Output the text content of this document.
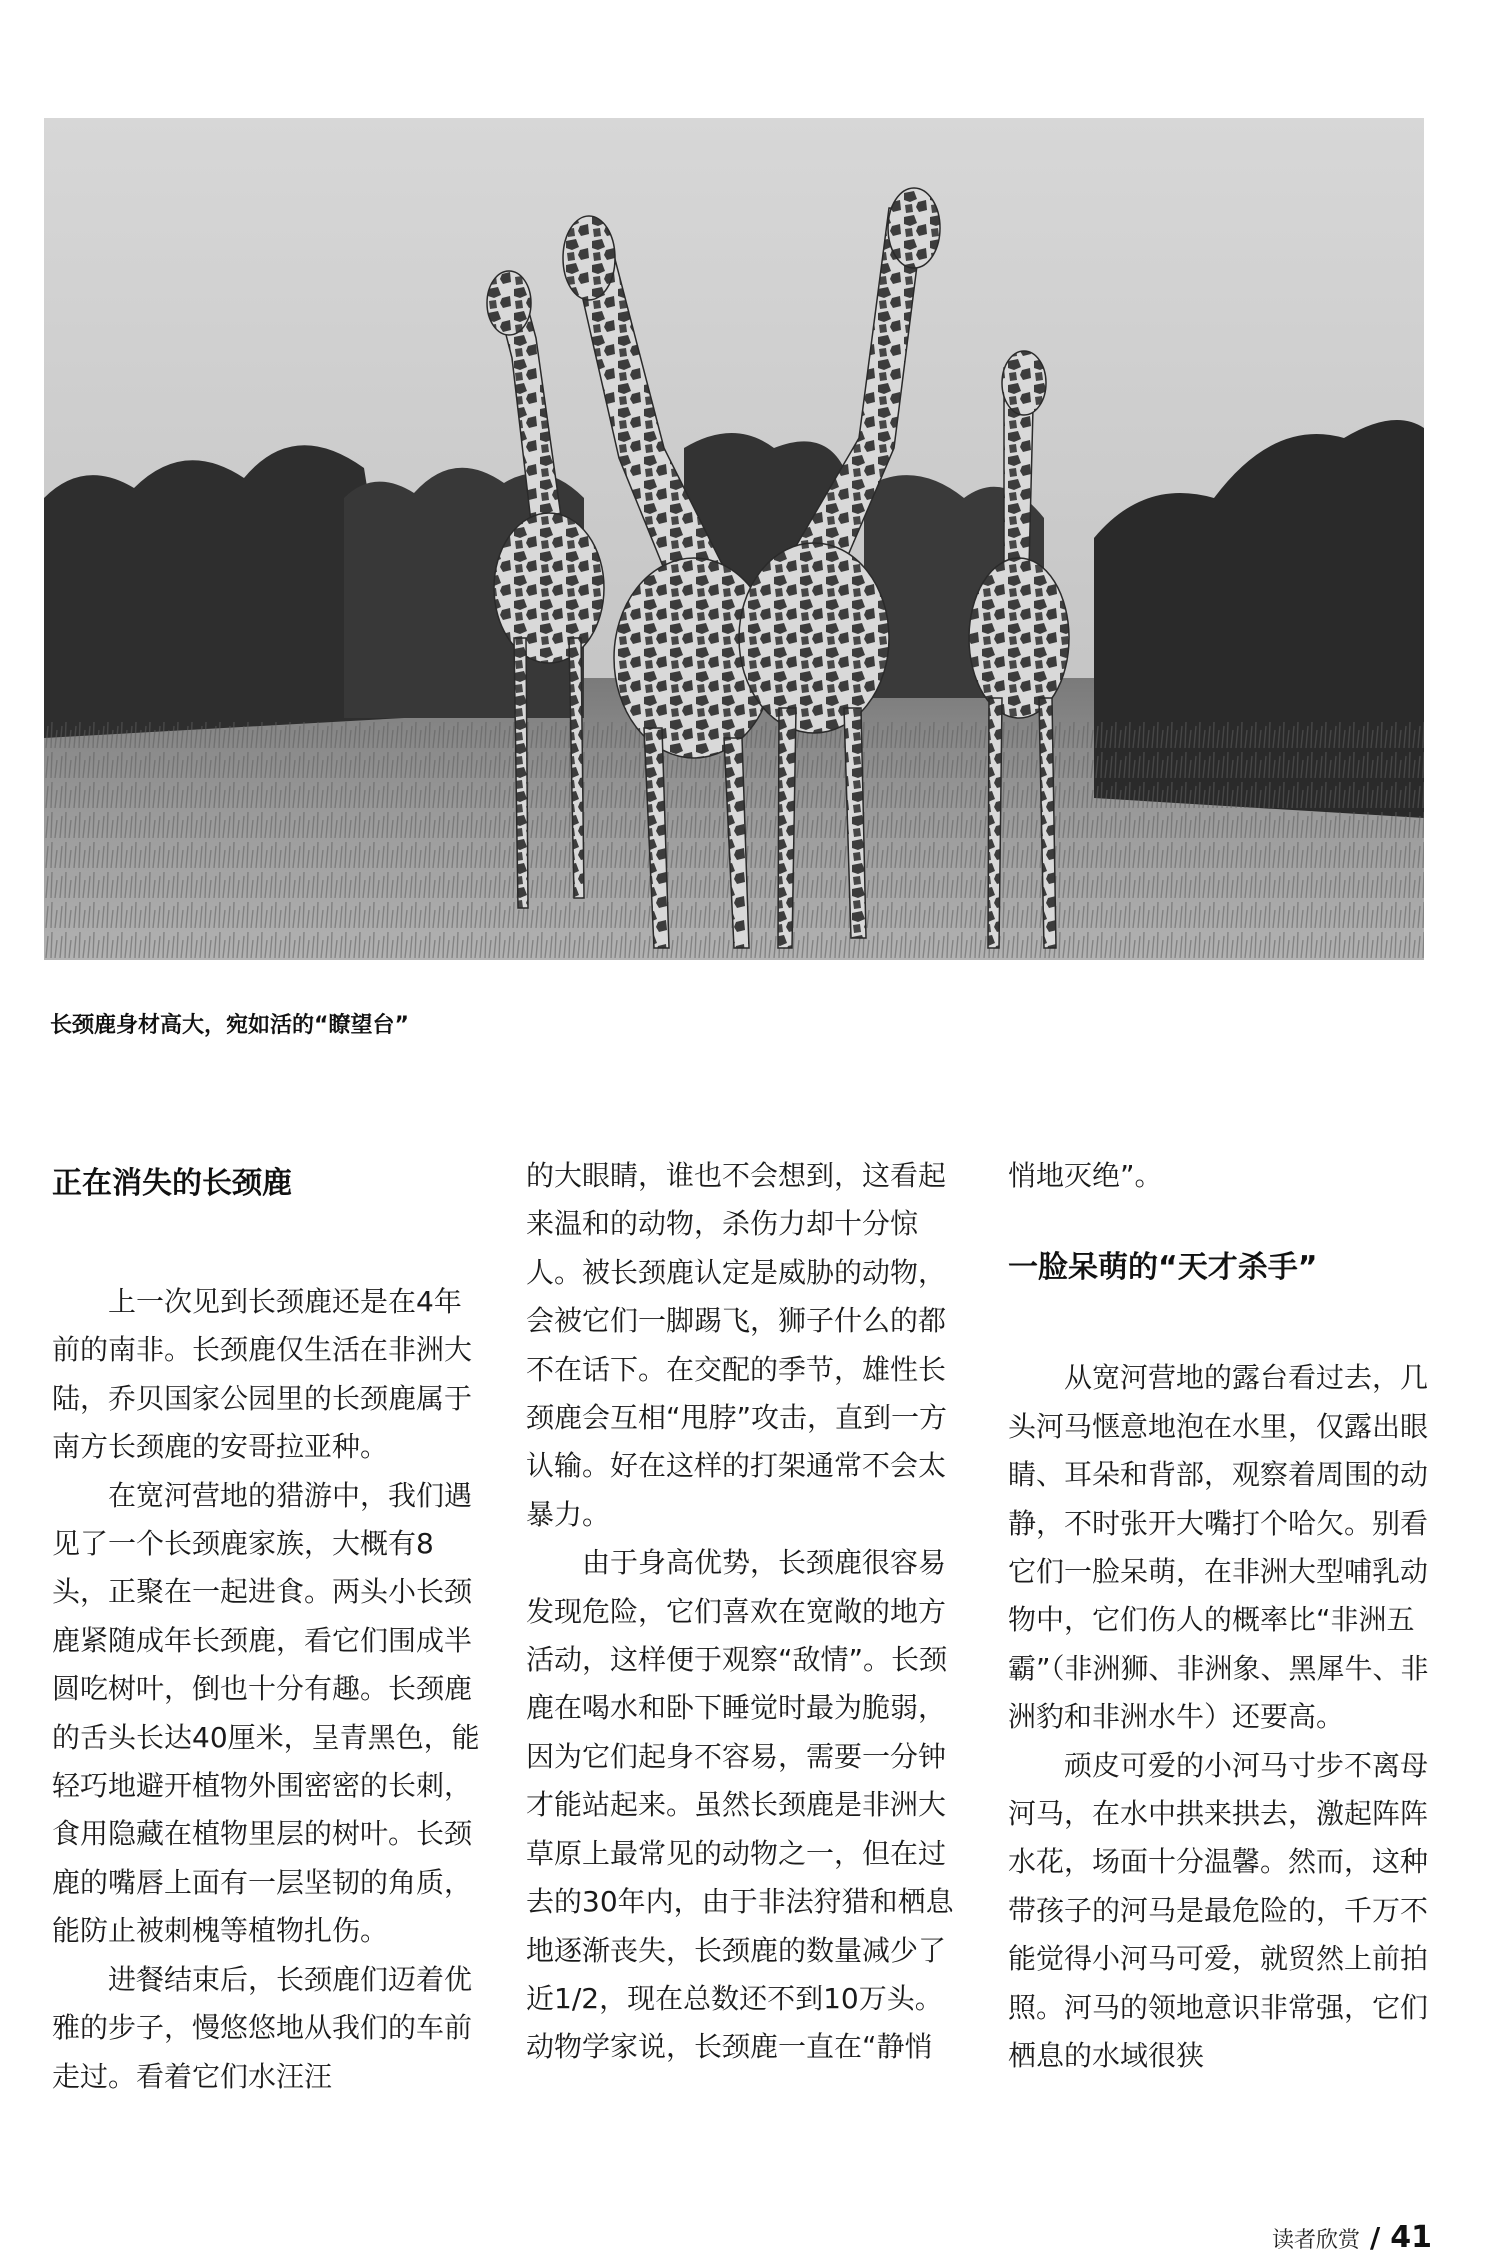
长颈鹿身材高大，宛如活的“瞭望台”
正在消失的长颈鹿

上一次见到长颈鹿还是在4年前的南非。长颈鹿仅生活在非洲大陆，乔贝国家公园里的长颈鹿属于南方长颈鹿的安哥拉亚种。

在宽河营地的猎游中，我们遇见了一个长颈鹿家族，大概有8头，正聚在一起进食。两头小长颈鹿紧随成年长颈鹿，看它们围成半圆吃树叶，倒也十分有趣。长颈鹿的舌头长达40厘米，呈青黑色，能轻巧地避开植物外围密密的长刺，食用隐藏在植物里层的树叶。长颈鹿的嘴唇上面有一层坚韧的角质，能防止被刺槐等植物扎伤。

进餐结束后，长颈鹿们迈着优雅的步子，慢悠悠地从我们的车前走过。看着它们水汪汪

的大眼睛，谁也不会想到，这看起来温和的动物，杀伤力却十分惊人。被长颈鹿认定是威胁的动物，会被它们一脚踢飞，狮子什么的都不在话下。在交配的季节，雄性长颈鹿会互相“甩脖”攻击，直到一方认输。好在这样的打架通常不会太暴力。

由于身高优势，长颈鹿很容易发现危险，它们喜欢在宽敞的地方活动，这样便于观察“敌情”。长颈鹿在喝水和卧下睡觉时最为脆弱，因为它们起身不容易，需要一分钟才能站起来。虽然长颈鹿是非洲大草原上最常见的动物之一，但在过去的30年内，由于非法狩猎和栖息地逐渐丧失，长颈鹿的数量减少了近1/2，现在总数还不到10万头。动物学家说，长颈鹿一直在“静悄

悄地灭绝”。

一脸呆萌的“天才杀手”

从宽河营地的露台看过去，几头河马惬意地泡在水里，仅露出眼睛、耳朵和背部，观察着周围的动静，不时张开大嘴打个哈欠。别看它们一脸呆萌，在非洲大型哺乳动物中，它们伤人的概率比“非洲五霸”（非洲狮、非洲象、黑犀牛、非洲豹和非洲水牛）还要高。

顽皮可爱的小河马寸步不离母河马，在水中拱来拱去，激起阵阵水花，场面十分温馨。然而，这种带孩子的河马是最危险的，千万不能觉得小河马可爱，就贸然上前拍照。河马的领地意识非常强，它们栖息的水域很狭

读者欣赏 / 41
